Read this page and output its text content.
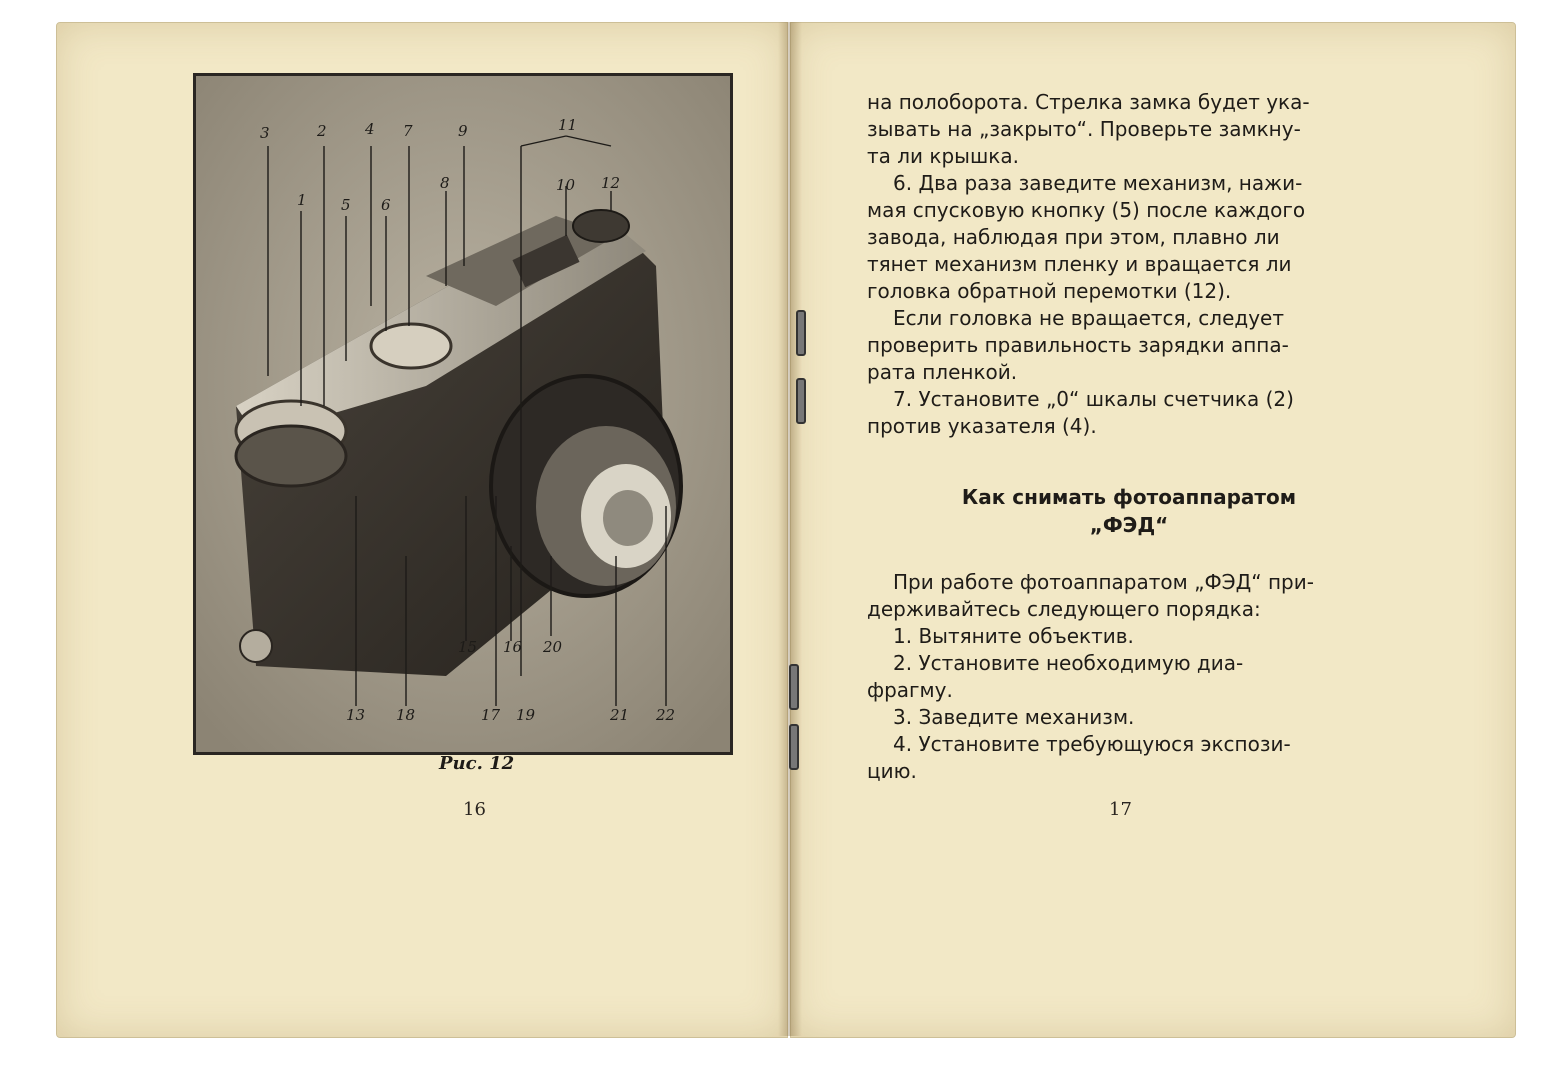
3	2	4 7	9	11
10 12
8
1 5 6
15 16 20
13 18	17 19	21 22
Рис. 12
16
на полоборота. Стрелка замка будет ука-
зывать на „закрыто“. Проверьте замкну-
та ли крышка.
6. Два раза заведите механизм, нажи-
мая спусковую кнопку (5) после каждого
завода, наблюдая при этом, плавно ли
тянет механизм пленку и вращается ли
головка обратной перемотки (12).
Если головка не вращается, следует
проверить правильность зарядки аппа-
рата пленкой.
7. Установите „0“ шкалы счетчика (2)
против указателя (4).
Как снимать фотоаппаратом
„ФЭД“
При работе фотоаппаратом „ФЭД“ при-
держивайтесь следующего порядка:
1. Вытяните объектив.
2. Установите необходимую диа-
фрагму.
3. Заведите механизм.
4. Установите требующуюся экспози-
цию.
17
